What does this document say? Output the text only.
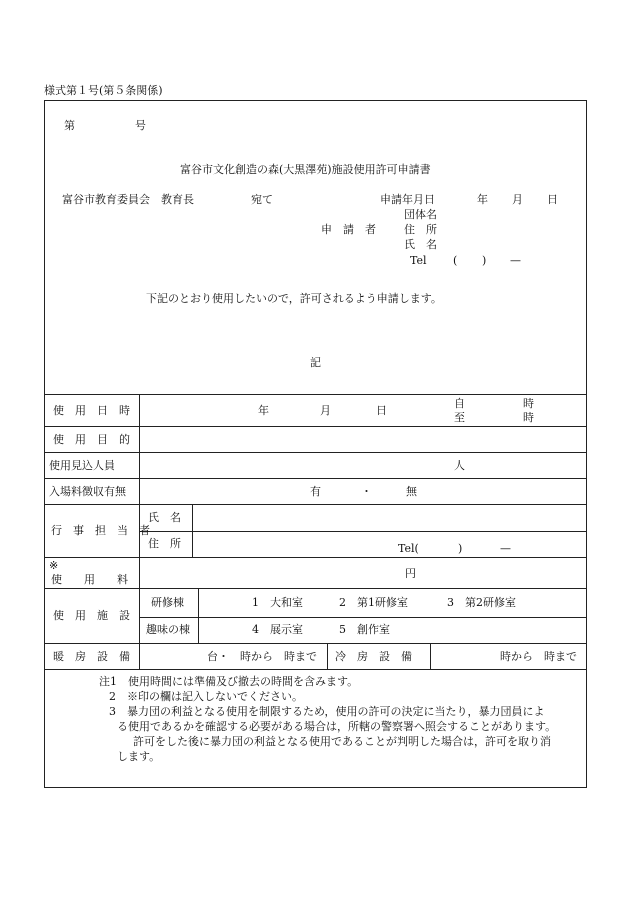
様式第１号(第５条関係)
第	号
富谷市文化創造の森(大黒澤苑)施設使用許可申請書
富谷市教育委員会　教育長	宛て	申請年月日	年 月 日
団体名
申　請　者	住　所
氏　名
Tel ( ) —
下記のとおり使用したいので，許可されるよう申請します。
記
使　用　日　時	年	月	日
自	時
至	時
使　用　目　的
使用見込人員	人
入場料徴収有無	有	・	無
行　事　担　当　者
氏　名
住　所	Tel(	)	—
※
使　　用　　料	円
使　用　施　設
研修棟	1　大和室	2　第1研修室	3　第2研修室
趣味の棟	4　展示室	5　創作室
暖　房　設　備	台・　時から　時まで 冷　房　設　備	時から　時まで
注1　使用時間には準備及び撤去の時間を含みます。
2　※印の欄は記入しないでください。
3　暴力団の利益となる使用を制限するため，使用の許可の決定に当たり，暴力団員によ
る使用であるかを確認する必要がある場合は，所轄の警察署へ照会することがあります。
許可をした後に暴力団の利益となる使用であることが判明した場合は，許可を取り消
します。
